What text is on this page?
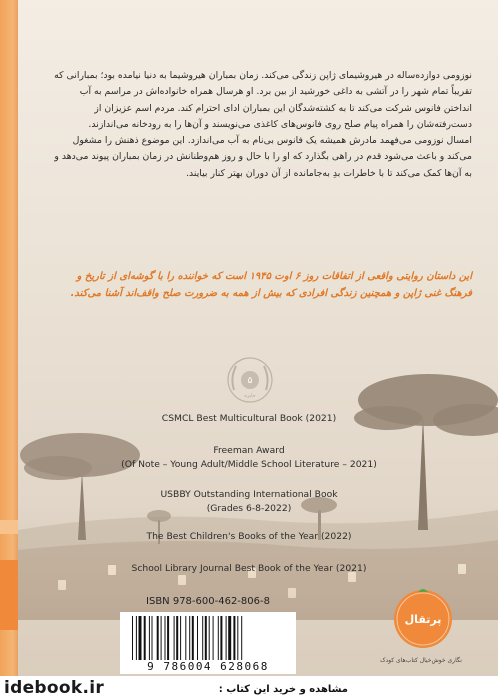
نوزومی دوازده‌ساله در هیروشیمای ژاپن زندگی می‌کند. زمان بمباران هیروشیما به دنیا نیامده بود؛ بمبارانی که تقریباً تمام شهر را در آتشی به داغی خورشید از بین برد. او هرسال همراه خانواده‌اش در مراسم به آب انداختن فانوس شرکت می‌کند تا به کشته‌شدگان این بمباران ادای احترام کند. مردم اسم عزیزان از دست‌رفته‌شان را همراه پیام صلح روی فانوس‌های کاغذی می‌نویسند و آن‌ها را به رودخانه می‌اندازند.

امسال نوزومی می‌فهمد مادرش همیشه یک فانوس بی‌نام به آب می‌اندازد. این موضوع ذهنش را مشغول می‌کند و باعث می‌شود قدم در راهی بگذارد که او را با حال و روز هم‌وطنانش در زمان بمباران پیوند می‌دهد و به آن‌ها کمک می‌کند تا با خاطرات بدِ به‌جامانده از آن دوران بهتر کنار بیایند.

این داستان روایتی واقعی از اتفاقات روز ۶ اوت ۱۹۴۵ است که خواننده را با گوشه‌ای از تاریخ و فرهنگ غنی ژاپن و همچنین زندگی افرادی که بیش از همه به ضرورت صلح واقف‌اند آشنا می‌کند.
۵
جایزه
CSMCL Best Multicultural Book (2021)
Freeman Award
(Of Note – Young Adult/Middle School Literature – 2021)
USBBY Outstanding International Book
(Grades 6-8-2022)
The Best Children's Books of the Year (2022)
School Library Journal Best Book of the Year (2021)
ISBN 978-600-462-806-8
9 786004 628068
پرتقال
نگاری خوش‌خیال کتاب‌های کودک
idebook.ir	مشاهده و خرید این کتاب :
